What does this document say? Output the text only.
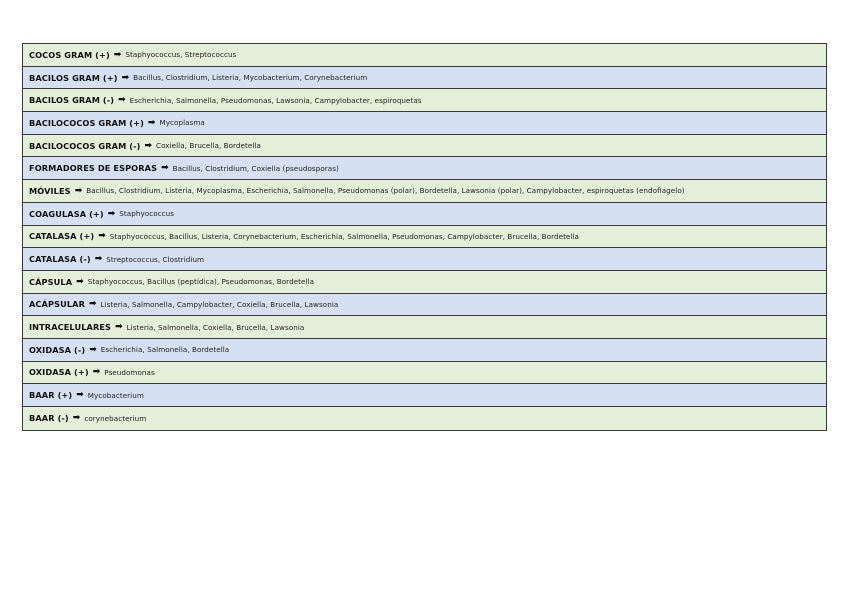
COCOS GRAM (+) ➡ Staphyococcus, Streptococcus
BACILOS GRAM (+) ➡ Bacillus, Clostridium, Listeria, Mycobacterium, Corynebacterium
BACILOS GRAM (-) ➡ Escherichia, Salmonella, Pseudomonas, Lawsonia, Campylobacter, espiroquetas
BACILOCOCOS GRAM (+) ➡ Mycoplasma
BACILOCOCOS GRAM (-) ➡ Coxiella, Brucella, Bordetella
FORMADORES DE ESPORAS ➡ Bacillus, Clostridium, Coxiella (pseudosporas)
MÓVILES ➡ Bacillus, Clostridium, Listeria, Mycoplasma, Escherichia, Salmonella, Pseudomonas (polar), Bordetella, Lawsonia (polar), Campylobacter, espiroquetas (endoflagelo)
COAGULASA (+) ➡ Staphyococcus
CATALASA (+) ➡ Staphyococcus, Bacillus, Listeria, Corynebacterium, Escherichia, Salmonella, Pseudomonas, Campylobacter, Brucella, Bordetella
CATALASA (-) ➡ Streptococcus, Clostridium
CÁPSULA ➡ Staphyococcus, Bacillus (peptídica), Pseudomonas, Bordetella
ACÁPSULAR ➡ Listeria, Salmonella, Campylobacter, Coxiella, Brucella, Lawsonia
INTRACELULARES ➡ Listeria, Salmonella, Coxiella, Brucella, Lawsonia
OXIDASA (-) ➡ Escherichia, Salmonella, Bordetella
OXIDASA (+) ➡ Pseudomonas
BAAR (+) ➡ Mycobacterium
BAAR (-) ➡ corynebacterium
